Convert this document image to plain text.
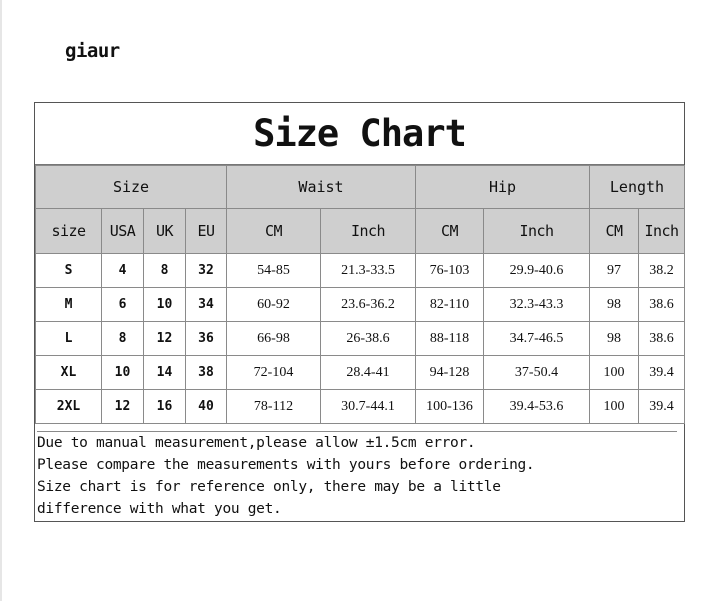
giaur
Size Chart
Size				Waist		Hip		Length	
size	USA	UK	EU	CM	Inch	CM	Inch	CM	Inch
S	4	8	32	54-85	21.3-33.5	76-103	29.9-40.6	97	38.2
M	6	10	34	60-92	23.6-36.2	82-110	32.3-43.3	98	38.6
L	8	12	36	66-98	26-38.6	88-118	34.7-46.5	98	38.6
XL	10	14	38	72-104	28.4-41	94-128	37-50.4	100	39.4
2XL	12	16	40	78-112	30.7-44.1	100-136	39.4-53.6	100	39.4
Due to manual measurement,please allow ±1.5cm error.
Please compare the measurements with yours before ordering.
Size chart is for reference only, there may be a little
difference with what you get.
